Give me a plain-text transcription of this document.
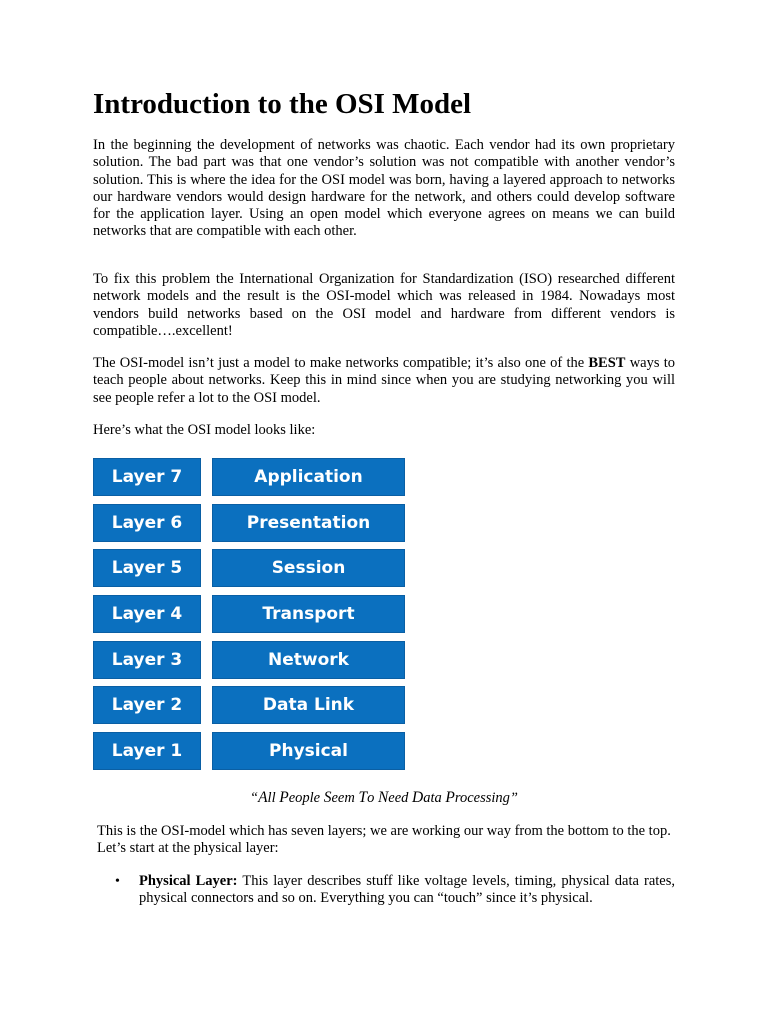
Introduction to the OSI Model

In the beginning the development of networks was chaotic. Each vendor had its own proprietary solution. The bad part was that one vendor’s solution was not compatible with another vendor’s solution. This is where the idea for the OSI model was born, having a layered approach to networks our hardware vendors would design hardware for the network, and others could develop software for the application layer. Using an open model which everyone agrees on means we can build networks that are compatible with each other.

To fix this problem the International Organization for Standardization (ISO) researched different network models and the result is the OSI-model which was released in 1984. Nowadays most vendors build networks based on the OSI model and hardware from different vendors is compatible….excellent!

The OSI-model isn’t just a model to make networks compatible; it’s also one of the BEST ways to teach people about networks. Keep this in mind since when you are studying networking you will see people refer a lot to the OSI model.

Here’s what the OSI model looks like:

Layer 7	Application
Layer 6	Presentation
Layer 5	Session
Layer 4	Transport
Layer 3	Network
Layer 2	Data Link
Layer 1	Physical

“All People Seem To Need Data Processing”

This is the OSI-model which has seven layers; we are working our way from the bottom to the top. Let’s start at the physical layer:

• Physical Layer: This layer describes stuff like voltage levels, timing, physical data rates, physical connectors and so on. Everything you can “touch” since it’s physical.
